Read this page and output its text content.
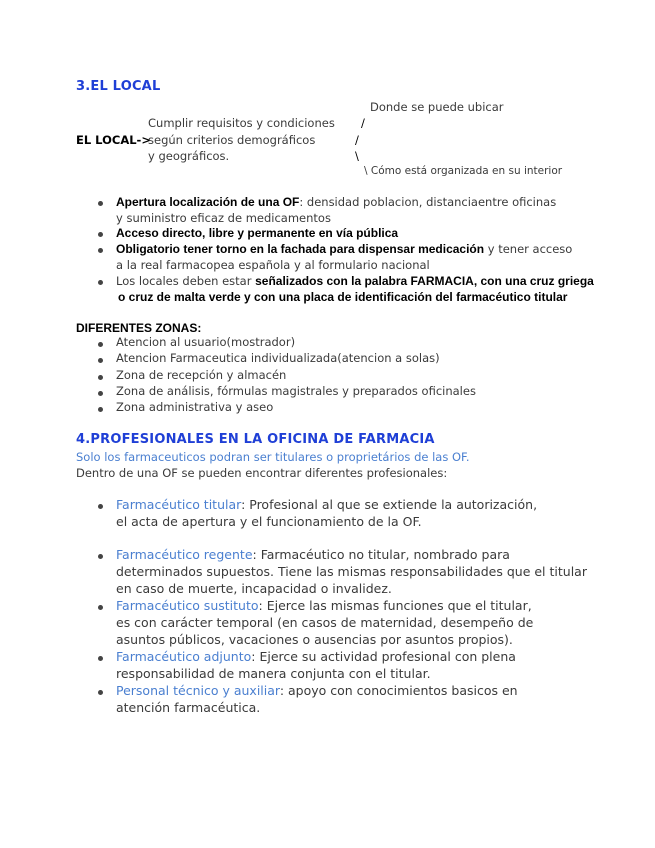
3.EL LOCAL
Donde se puede ubicar
Cumplir requisitos y condiciones /
EL LOCAL->
según criterios demográficos	/
y geográficos.	\
\ Cómo está organizada en su interior
Apertura localización de una OF: densidad poblacion, distanciaentre oficinas
y suministro eficaz de medicamentos
Acceso directo, libre y permanente en vía pública
Obligatorio tener torno en la fachada para dispensar medicación y tener acceso
a la real farmacopea española y al formulario nacional
Los locales deben estar señalizados con la palabra FARMACIA, con una cruz griega
o cruz de malta verde y con una placa de identificación del farmacéutico titular
DIFERENTES ZONAS:
Atencion al usuario(mostrador)
Atencion Farmaceutica individualizada(atencion a solas)
Zona de recepción y almacén
Zona de análisis, fórmulas magistrales y preparados oficinales
Zona administrativa y aseo
4.PROFESIONALES EN LA OFICINA DE FARMACIA
Solo los farmaceuticos podran ser titulares o proprietários de las OF.
Dentro de una OF se pueden encontrar diferentes profesionales:
Farmacéutico titular: Profesional al que se extiende la autorización,
el acta de apertura y el funcionamiento de la OF.
Farmacéutico regente: Farmacéutico no titular, nombrado para
determinados supuestos. Tiene las mismas responsabilidades que el titular
en caso de muerte, incapacidad o invalidez.
Farmacéutico sustituto: Ejerce las mismas funciones que el titular,
es con carácter temporal (en casos de maternidad, desempeño de
asuntos públicos, vacaciones o ausencias por asuntos propios).
Farmacéutico adjunto: Ejerce su actividad profesional con plena
responsabilidad de manera conjunta con el titular.
Personal técnico y auxiliar: apoyo con conocimientos basicos en
atención farmacéutica.
